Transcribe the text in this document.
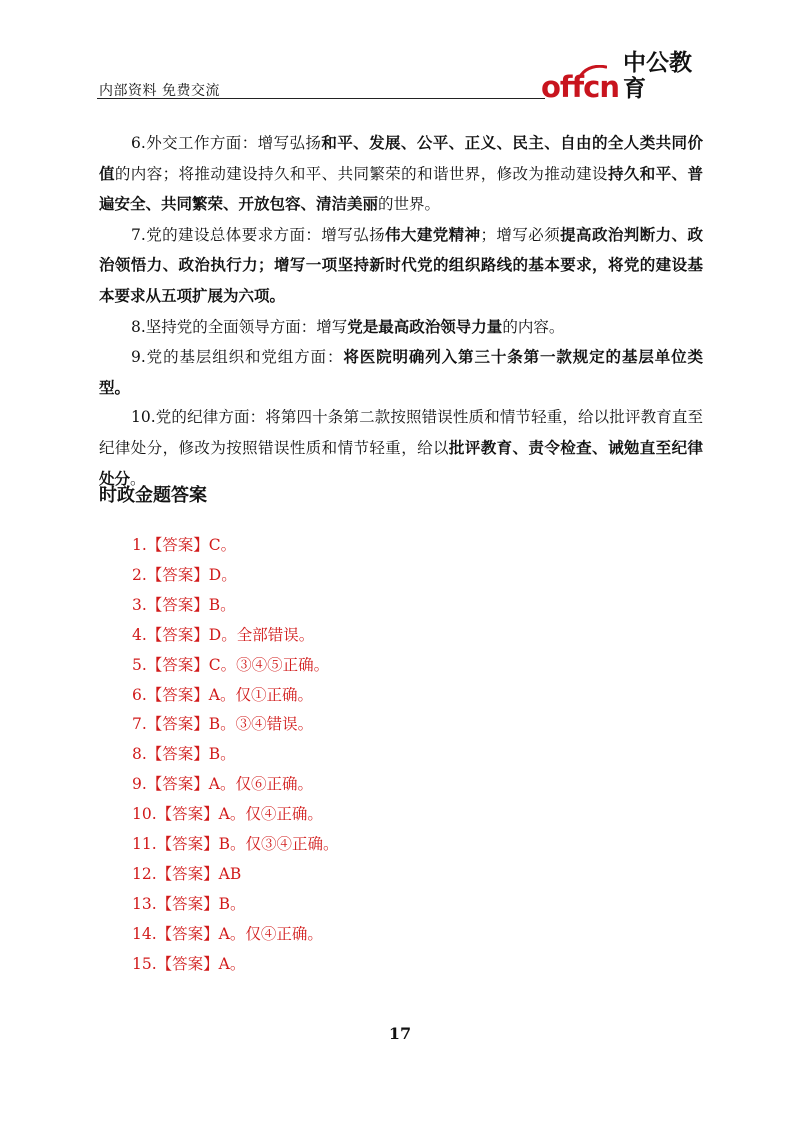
内部资料 免费交流	offcn
中公教育

6.外交工作方面：增写弘扬和平、发展、公平、正义、民主、自由的全人类共同价值的内容；将推动建设持久和平、共同繁荣的和谐世界，修改为推动建设持久和平、普遍安全、共同繁荣、开放包容、清洁美丽的世界。

7.党的建设总体要求方面：增写弘扬伟大建党精神；增写必须提高政治判断力、政治领悟力、政治执行力；增写一项坚持新时代党的组织路线的基本要求，将党的建设基本要求从五项扩展为六项。

8.坚持党的全面领导方面：增写党是最高政治领导力量的内容。

9.党的基层组织和党组方面：将医院明确列入第三十条第一款规定的基层单位类型。

10.党的纪律方面：将第四十条第二款按照错误性质和情节轻重，给以批评教育直至纪律处分，修改为按照错误性质和情节轻重，给以批评教育、责令检查、诫勉直至纪律处分。

时政金题答案
1.【答案】C。
2.【答案】D。
3.【答案】B。
4.【答案】D。全部错误。
5.【答案】C。③④⑤正确。
6.【答案】A。仅①正确。
7.【答案】B。③④错误。
8.【答案】B。
9.【答案】A。仅⑥正确。
10.【答案】A。仅④正确。
11.【答案】B。仅③④正确。
12.【答案】AB
13.【答案】B。
14.【答案】A。仅④正确。
15.【答案】A。
17
